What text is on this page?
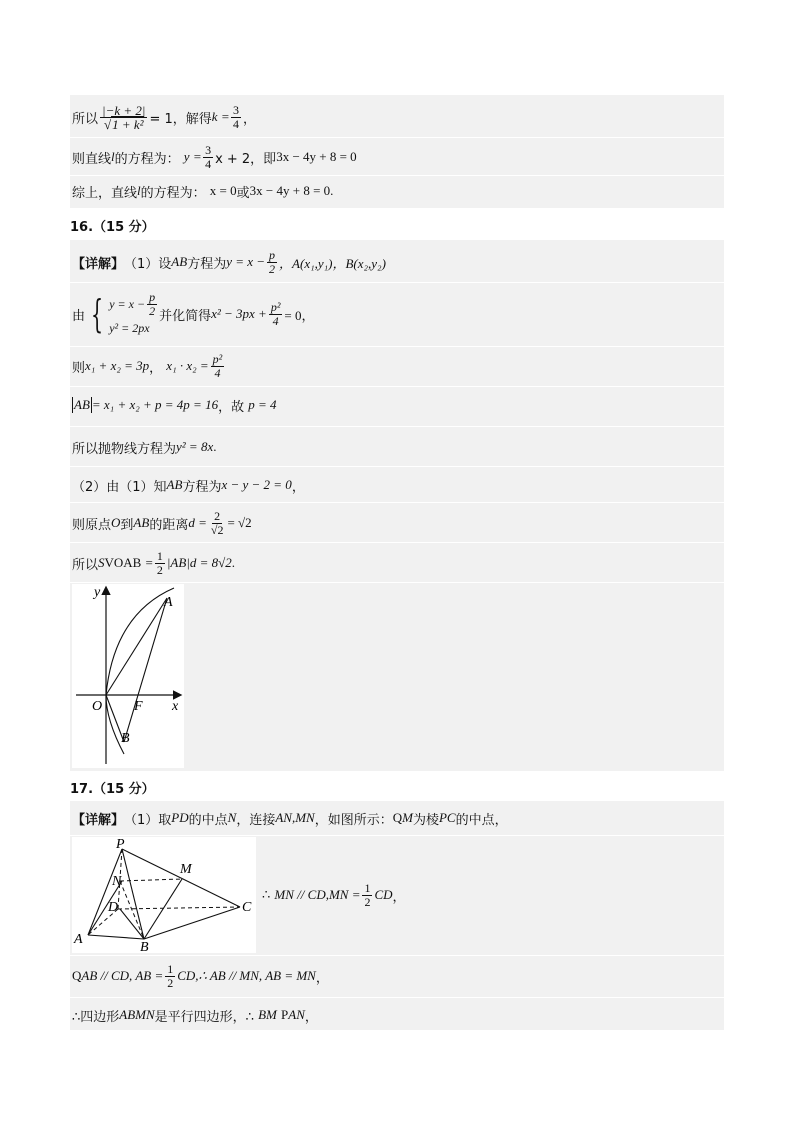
所以 $\frac{|-k + 2|}{\text{√1 + k²}} = 1$，解得 k
= $\frac{3}{4}$ ，
则直线 l 的方程为：
y
= $\frac{3}{4}$ x + 2，即 3x − 4y + 8 = 0
综上，直线 l 的方程为：
x = 0 或 3x − 4y + 8 = 0 .
16.（15 分）
【详解】 （1）设 AB 方程为 $y = x - \frac{p}{2}$ ，A(x₁,y₁)，B(x₂,y₂)
由 { $y = x - \frac{p}{2}$
y² = 2px
并化简得 $x^2 - 3px + \frac{\text{p²}}{4} = 0$，
则 x₁ + x₂ = 3p ，
$x_1 \cdot x_2 = \frac{\text{p²}}{4}$
AB = x₁ + x₂ + p = 4p = 16 ，故
p = 4
所以抛物线方程为 y² = 8x .
（2）由（1）知 AB 方程为 x − y − 2 = 0 ，
则原点 O 到 AB 的距离 $d = \frac{2}{√2} = √2$
所以 S VOAB
= $\frac{1}{2} |AB|d = 8√2$ .
y
A
O F x
B
17.（15 分）
【详解】 （1）取 PD 的中点 N ，连接 AN,MN ，如图所示： Q M 为棱 PC 的中点，
P
M
N
D	C
A
B
∴
MN // $CD,MN = \frac{1}{2}$ CD ，
Q AB // CD, AB = $\frac{1}{2}$ CD,∴ AB // MN, AB = MN ，
∴四边形 ABMN 是平行四边形，∴
BM
P AN ，
